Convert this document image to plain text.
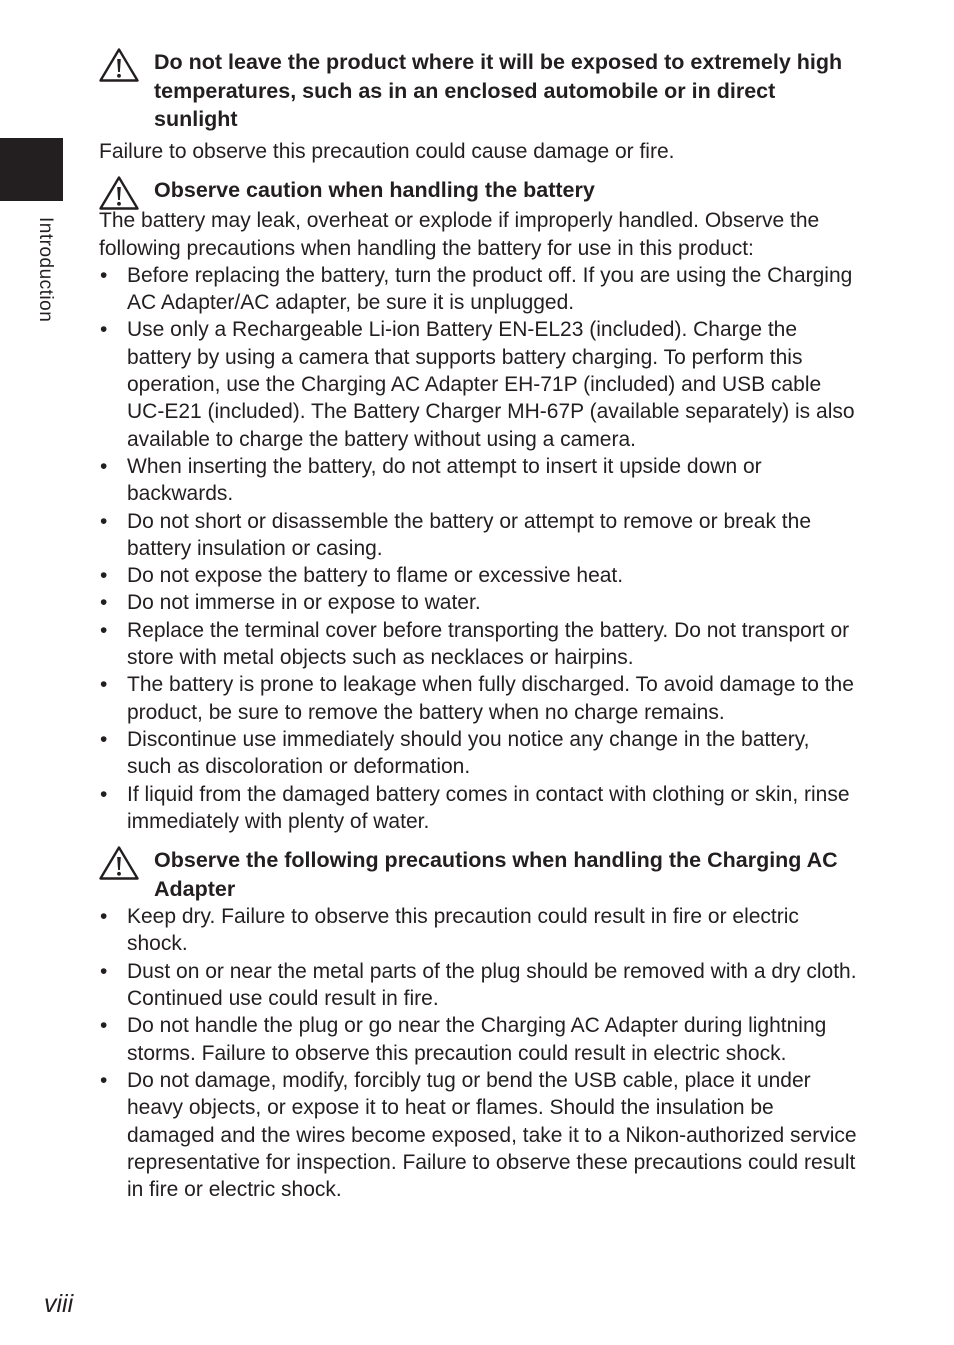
Introduction
Do not leave the product where it will be exposed to extremely high temperatures, such as in an enclosed automobile or in direct sunlight

Failure to observe this precaution could cause damage or fire.

Observe caution when handling the battery

The battery may leak, overheat or explode if improperly handled. Observe the following precautions when handling the battery for use in this product:

• Before replacing the battery, turn the product off. If you are using the Charging AC Adapter/AC adapter, be sure it is unplugged.
• Use only a Rechargeable Li-ion Battery EN-EL23 (included). Charge the battery by using a camera that supports battery charging. To perform this operation, use the Charging AC Adapter EH-71P (included) and USB cable UC-E21 (included). The Battery Charger MH-67P (available separately) is also available to charge the battery without using a camera.
• When inserting the battery, do not attempt to insert it upside down or backwards.
• Do not short or disassemble the battery or attempt to remove or break the battery insulation or casing.
• Do not expose the battery to flame or excessive heat.
• Do not immerse in or expose to water.
• Replace the terminal cover before transporting the battery. Do not transport or store with metal objects such as necklaces or hairpins.
• The battery is prone to leakage when fully discharged. To avoid damage to the product, be sure to remove the battery when no charge remains.
• Discontinue use immediately should you notice any change in the battery, such as discoloration or deformation.
• If liquid from the damaged battery comes in contact with clothing or skin, rinse immediately with plenty of water.
Observe the following precautions when handling the Charging AC Adapter
• Keep dry. Failure to observe this precaution could result in fire or electric shock.
• Dust on or near the metal parts of the plug should be removed with a dry cloth. Continued use could result in fire.
• Do not handle the plug or go near the Charging AC Adapter during lightning storms. Failure to observe this precaution could result in electric shock.
• Do not damage, modify, forcibly tug or bend the USB cable, place it under heavy objects, or expose it to heat or flames. Should the insulation be damaged and the wires become exposed, take it to a Nikon-authorized service representative for inspection. Failure to observe these precautions could result in fire or electric shock.
viii
